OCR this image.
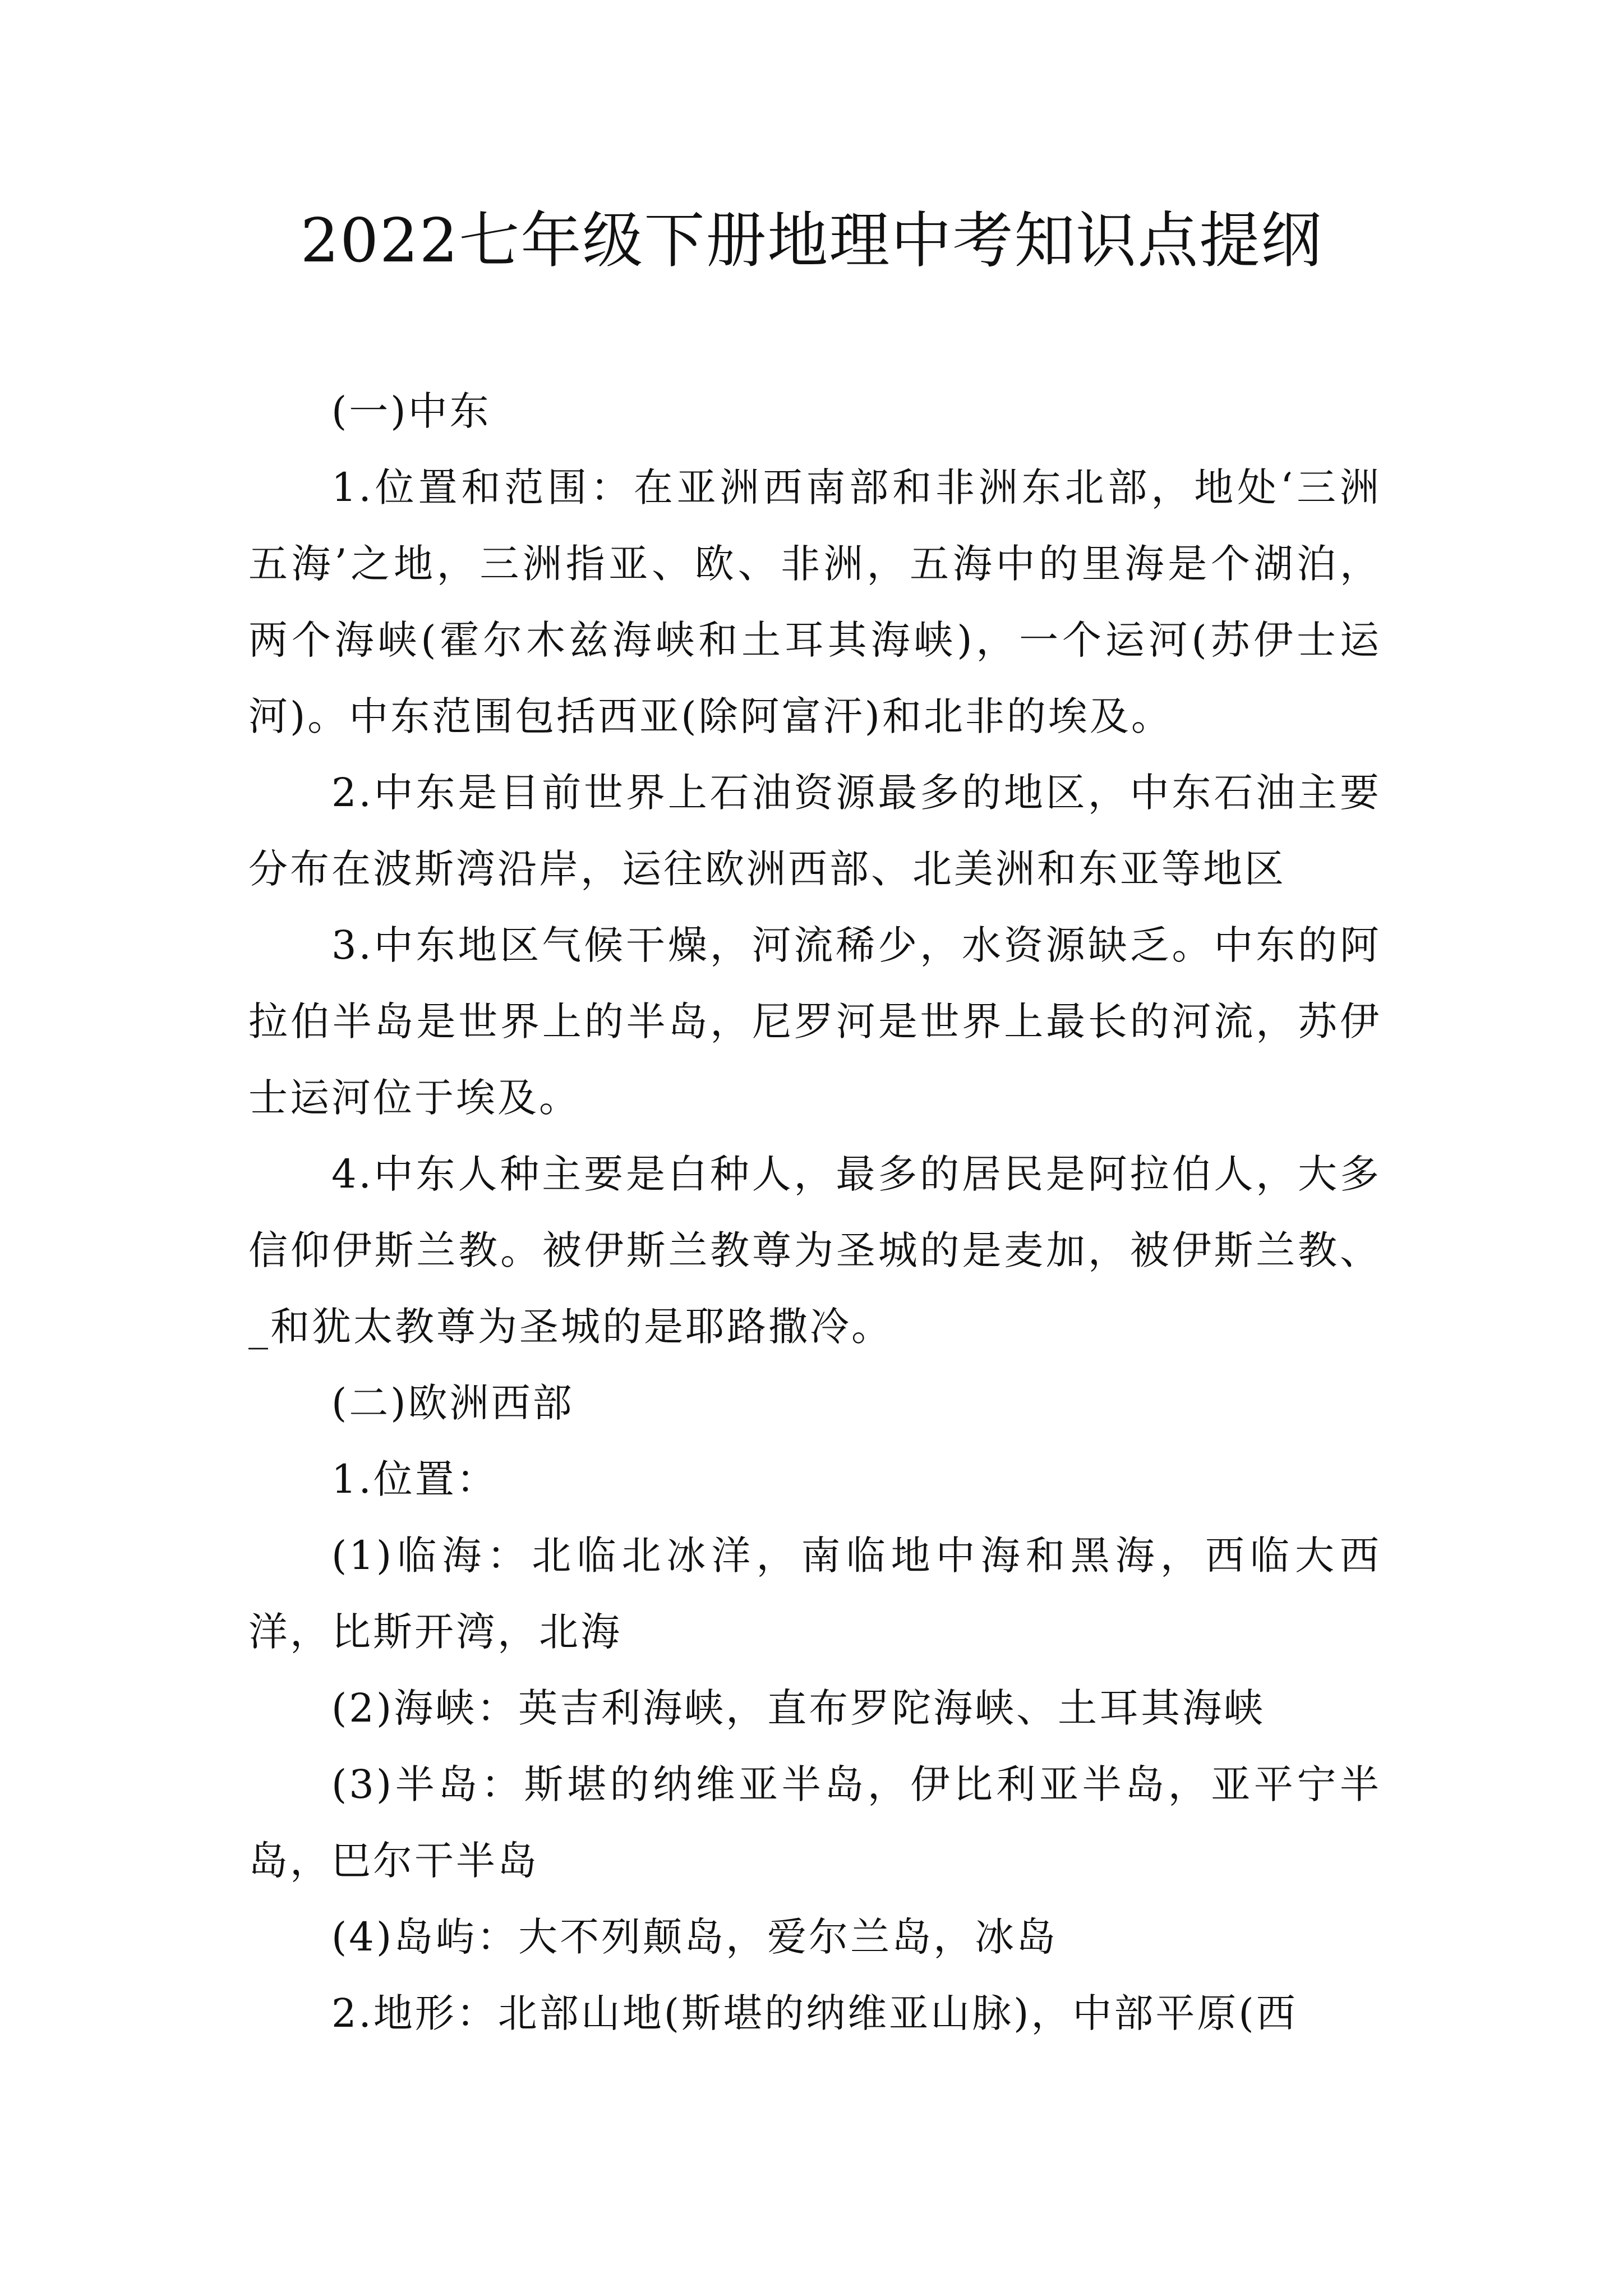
2022七年级下册地理中考知识点提纲

(一)中东

1.位置和范围：在亚洲西南部和非洲东北部，地处‘三洲五海’之地，三洲指亚、欧、非洲，五海中的里海是个湖泊，两个海峡(霍尔木兹海峡和土耳其海峡)，一个运河(苏伊士运河)。中东范围包括西亚(除阿富汗)和北非的埃及。

2.中东是目前世界上石油资源最多的地区，中东石油主要分布在波斯湾沿岸，运往欧洲西部、北美洲和东亚等地区

3.中东地区气候干燥，河流稀少，水资源缺乏。中东的阿拉伯半岛是世界上的半岛，尼罗河是世界上最长的河流，苏伊士运河位于埃及。

4.中东人种主要是白种人，最多的居民是阿拉伯人，大多信仰伊斯兰教。被伊斯兰教尊为圣城的是麦加，被伊斯兰教、_和犹太教尊为圣城的是耶路撒冷。

(二)欧洲西部

1.位置：

(1)临海：北临北冰洋，南临地中海和黑海，西临大西洋，比斯开湾，北海

(2)海峡：英吉利海峡，直布罗陀海峡、土耳其海峡

(3)半岛：斯堪的纳维亚半岛，伊比利亚半岛，亚平宁半岛，巴尔干半岛

(4)岛屿：大不列颠岛，爱尔兰岛，冰岛

2.地形：北部山地(斯堪的纳维亚山脉)，中部平原(西
